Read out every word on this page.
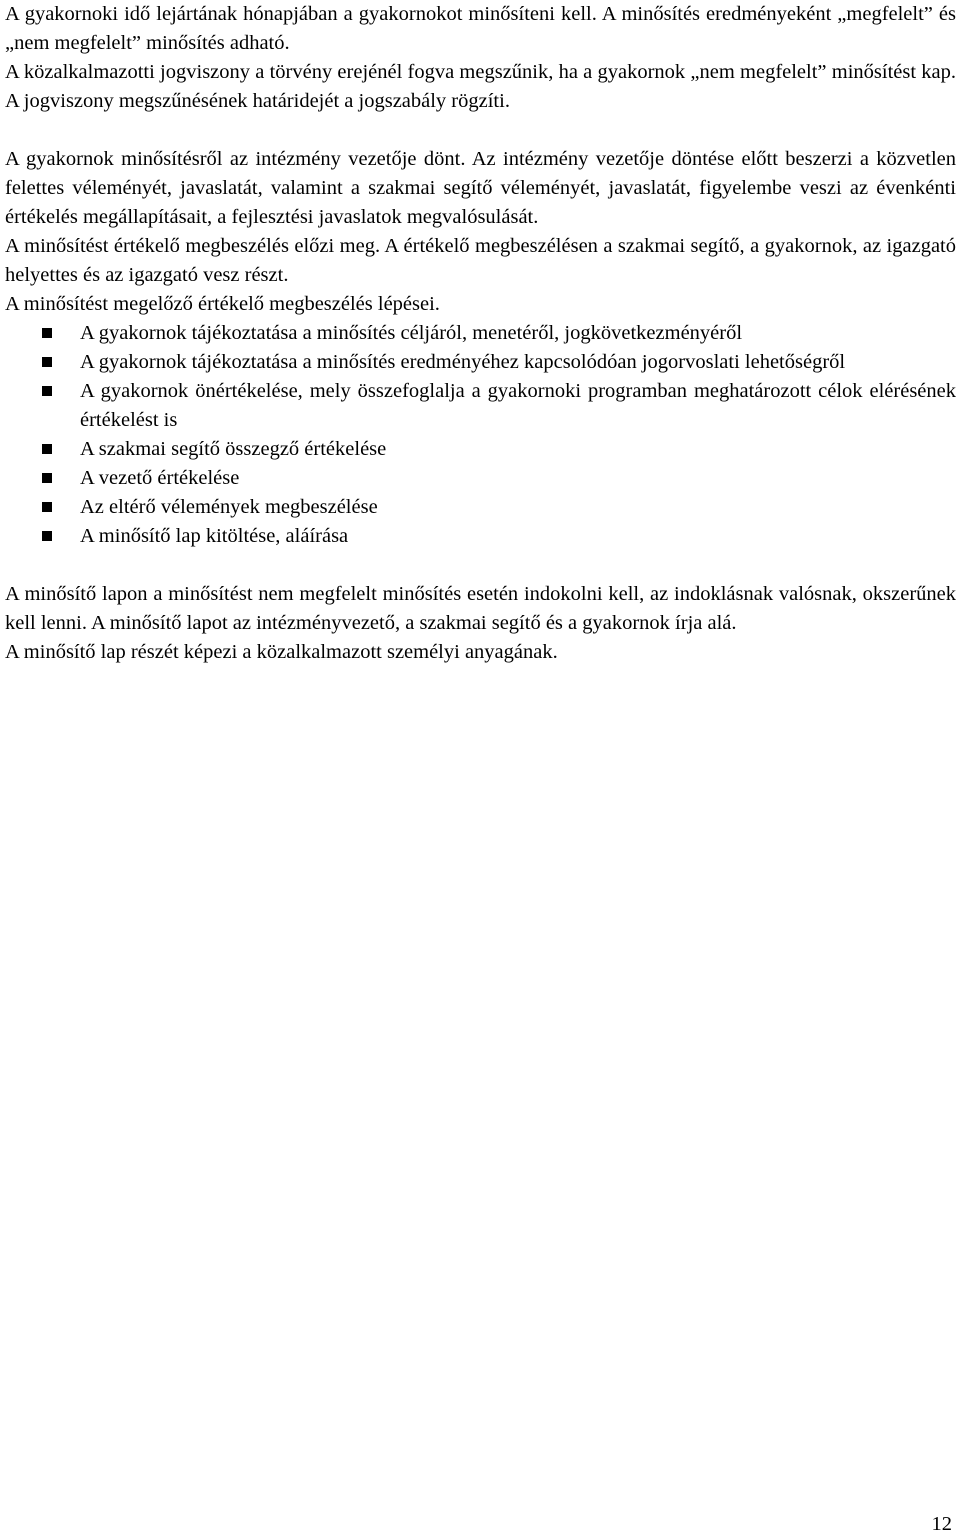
A gyakornoki idő lejártának hónapjában a gyakornokot minősíteni kell. A minősítés eredményeként „megfelelt” és „nem megfelelt” minősítés adható.

A közalkalmazotti jogviszony a törvény erejénél fogva megszűnik, ha a gyakornok „nem megfelelt” minősítést kap. A jogviszony megszűnésének határidejét a jogszabály rögzíti.

A gyakornok minősítésről az intézmény vezetője dönt. Az intézmény vezetője döntése előtt beszerzi a közvetlen felettes véleményét, javaslatát, valamint a szakmai segítő véleményét, javaslatát, figyelembe veszi az évenkénti értékelés megállapításait, a fejlesztési javaslatok megvalósulását.

A minősítést értékelő megbeszélés előzi meg. A értékelő megbeszélésen a szakmai segítő, a gyakornok, az igazgató helyettes és az igazgató vesz részt.

A minősítést megelőző értékelő megbeszélés lépései.

A gyakornok tájékoztatása a minősítés céljáról, menetéről, jogkövetkezményéről
A gyakornok tájékoztatása a minősítés eredményéhez kapcsolódóan jogorvoslati lehetőségről
A gyakornok önértékelése, mely összefoglalja a gyakornoki programban meghatározott célok elérésének értékelést is
A szakmai segítő összegző értékelése
A vezető értékelése
Az eltérő vélemények megbeszélése
A minősítő lap kitöltése, aláírása

A minősítő lapon a minősítést nem megfelelt minősítés esetén indokolni kell, az indoklásnak valósnak, okszerűnek kell lenni. A minősítő lapot az intézményvezető, a szakmai segítő és a gyakornok írja alá.

A minősítő lap részét képezi a közalkalmazott személyi anyagának.

12
